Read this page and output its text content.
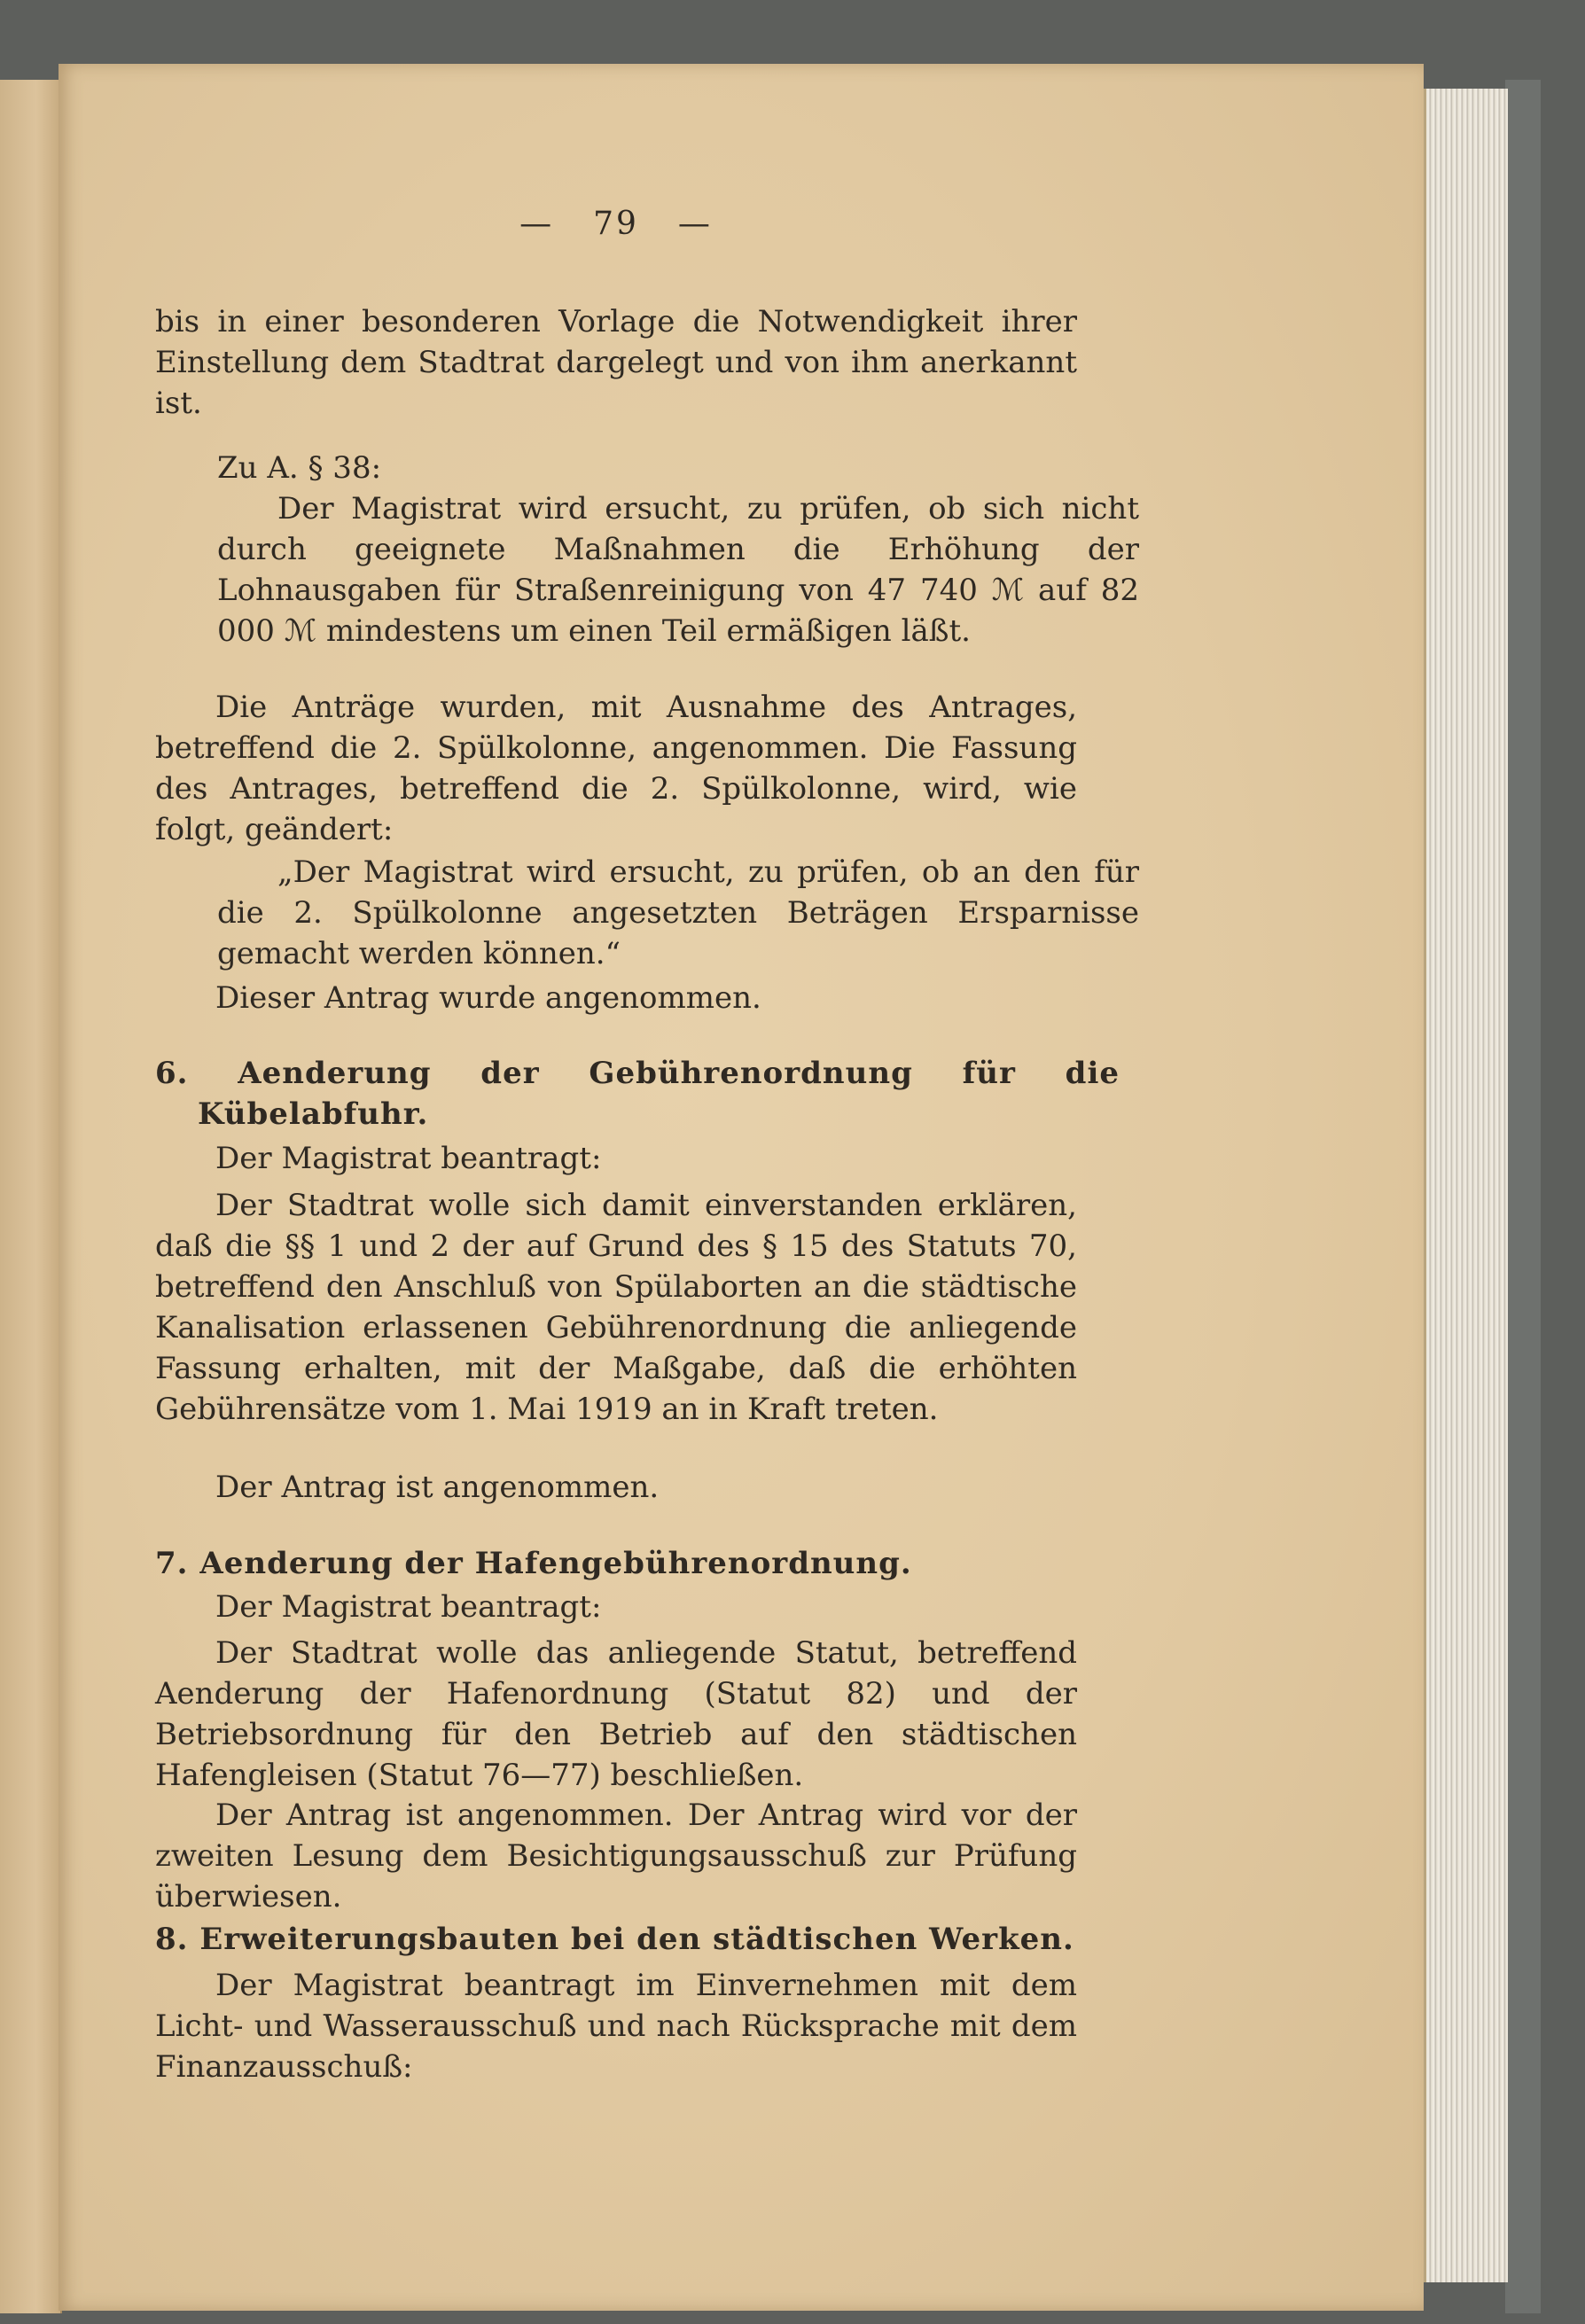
— 79 —

bis in einer besonderen Vorlage die Notwendigkeit ihrer Einstellung dem Stadtrat dargelegt und von ihm anerkannt ist.

Zu A. § 38:

Der Magistrat wird ersucht, zu prüfen, ob sich nicht durch geeignete Maßnahmen die Erhöhung der Lohnausgaben für Straßenreinigung von 47 740 ℳ auf 82 000 ℳ mindestens um einen Teil ermäßigen läßt.

Die Anträge wurden, mit Ausnahme des Antrages, betreffend die 2. Spülkolonne, angenommen. Die Fassung des Antrages, betreffend die 2. Spülkolonne, wird, wie folgt, geändert:

„Der Magistrat wird ersucht, zu prüfen, ob an den für die 2. Spülkolonne angesetzten Beträgen Ersparnisse gemacht werden können.“

Dieser Antrag wurde angenommen.

6. Aenderung der Gebührenordnung für die Kübelabfuhr.

Der Magistrat beantragt:

Der Stadtrat wolle sich damit einverstanden erklären, daß die §§ 1 und 2 der auf Grund des § 15 des Statuts 70, betreffend den Anschluß von Spülaborten an die städtische Kanalisation erlassenen Gebührenordnung die anliegende Fassung erhalten, mit der Maßgabe, daß die erhöhten Gebührensätze vom 1. Mai 1919 an in Kraft treten.

Der Antrag ist angenommen.

7. Aenderung der Hafengebührenordnung.

Der Magistrat beantragt:

Der Stadtrat wolle das anliegende Statut, betreffend Aenderung der Hafenordnung (Statut 82) und der Betriebsordnung für den Betrieb auf den städtischen Hafengleisen (Statut 76—77) beschließen.

Der Antrag ist angenommen. Der Antrag wird vor der zweiten Lesung dem Besichtigungsausschuß zur Prüfung überwiesen.

8. Erweiterungsbauten bei den städtischen Werken.

Der Magistrat beantragt im Einvernehmen mit dem Licht- und Wasserausschuß und nach Rücksprache mit dem Finanzausschuß:
